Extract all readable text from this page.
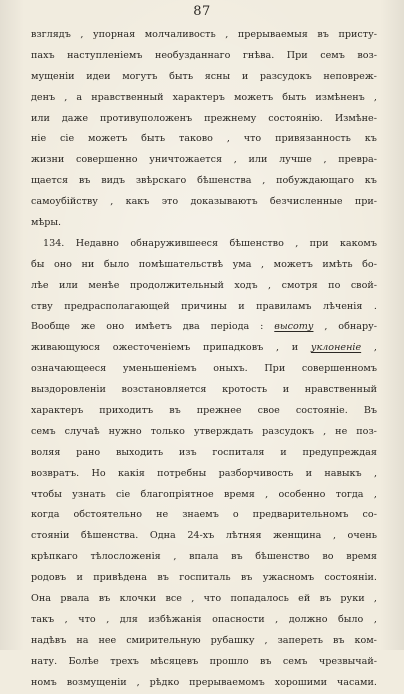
87
взглядъ , упорная молчаливость , прерываемыя въ присту-
пахъ наступленіемъ необузданнаго гнѣва. При семъ воз-
мущеніи идеи могутъ быть ясны и разсудокъ неповреж-
денъ , а нравственный характеръ можетъ быть измѣненъ ,
или даже противуположенъ прежнему состоянію. Измѣне-
ніе сіе можетъ быть таково , что привязанность къ
жизни совершенно уничтожается , или лучше , превра-
щается въ видъ звѣрскаго бѣшенства , побуждающаго къ
самоубійству , какъ это доказываютъ безчисленные при-
мѣры.
134. Недавно обнаружившееся бѣшенство , при какомъ
бы оно ни было помѣшательствѣ ума , можетъ имѣть бо-
лѣе или менѣе продолжительный ходъ , смотря по свой-
ству предрасполагающей причины и правиламъ лѣченія .
Вообще же оно имѣетъ два періода : высоту , обнару-
живающуюся ожесточеніемъ припадковъ , и уклоненіе ,
означающееся уменьшеніемъ оныхъ. При совершенномъ
выздоровленіи возстановляется кротость и нравственный
характеръ приходитъ въ прежнее свое состояніе. Въ
семъ случаѣ нужно только утверждать разсудокъ , не поз-
воляя рано выходить изъ госпиталя и предупреждая
возвратъ. Но какія потребны разборчивость и навыкъ ,
чтобы узнать сіе благопріятное время , особенно тогда ,
когда обстоятельно не знаемъ о предварительномъ со-
стояніи бѣшенства. Одна 24-хъ лѣтняя женщина , очень
крѣпкаго тѣлосложенія , впала въ бѣшенство во время
родовъ и привѣдена въ госпиталь въ ужасномъ состояніи.
Она рвала въ клочки все , что попадалось ей въ руки ,
такъ , что , для избѣжанія опасности , должно было ,
надѣвъ на нее смирительную рубашку , запереть въ ком-
нату. Болѣе трехъ мѣсяцевъ прошло въ семъ чрезвычай-
номъ возмущеніи , рѣдко прерываемомъ хорошими часами.
